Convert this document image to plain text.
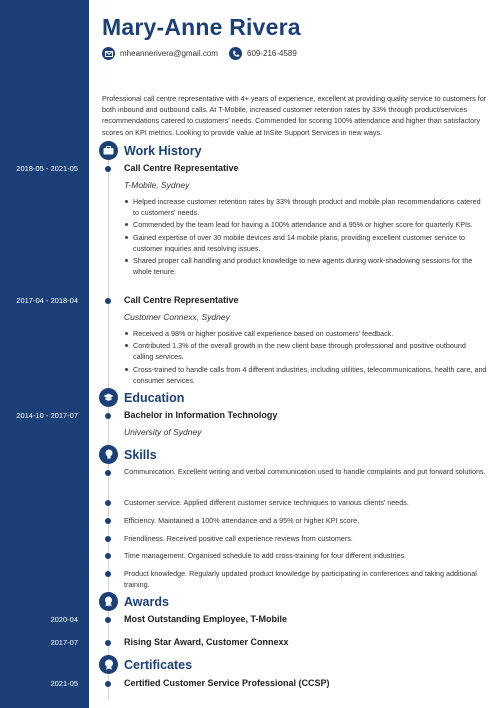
Mary-Anne Rivera
mheannerivera@gmail.com	609-216-4589
Professional call centre representative with 4+ years of experience, excellent at providing quality service to customers for both inbound and outbound calls. At T-Mobile, increased customer retention rates by 33% through product/services recommendations catered to customers' needs. Commended for scoring 100% attendance and higher than satisfactory scores on KPI metrics. Looking to provide value at InSite Support Services in new ways.
Work History
2018-05 - 2021-05	Call Centre Representative
T-Mobile, Sydney
Helped increase customer retention rates by 33% through product and mobile plan recommendations catered to customers' needs.
Commended by the team lead for having a 100% attendance and a 95% or higher score for quarterly KPIs.
Gained expertise of over 30 mobile devices and 14 mobile plans, providing excellent customer service to customer inquiries and resolving issues.
Shared proper call handling and product knowledge to new agents during work-shadowing sessions for the whole tenure.
2017-04 - 2018-04	Call Centre Representative
Customer Connexx, Sydney
Received a 98% or higher positive call experience based on customers' feedback.
Contributed 1.3% of the overall growth in the new client base through professional and positive outbound calling services.
Cross-trained to handle calls from 4 different industries, including utilities, telecommunications, health care, and consumer services.
Education
2014-10 - 2017-07	Bachelor in Information Technology
University of Sydney
Skills
Communication. Excellent writing and verbal communication used to handle complaints and put forward solutions.
Customer service. Applied different customer service techniques to various clients' needs.
Efficiency. Maintained a 100% attendance and a 95% or higher KPI score.
Friendliness. Received positive call experience reviews from customers.
Time management. Organised schedule to add cross-training for four different industries.
Product knowledge. Regularly updated product knowledge by participating in conferences and taking additional training.
Awards
2020-04	Most Outstanding Employee, T-Mobile
2017-07	Rising Star Award, Customer Connexx
Certificates
2021-05	Certified Customer Service Professional (CCSP)
